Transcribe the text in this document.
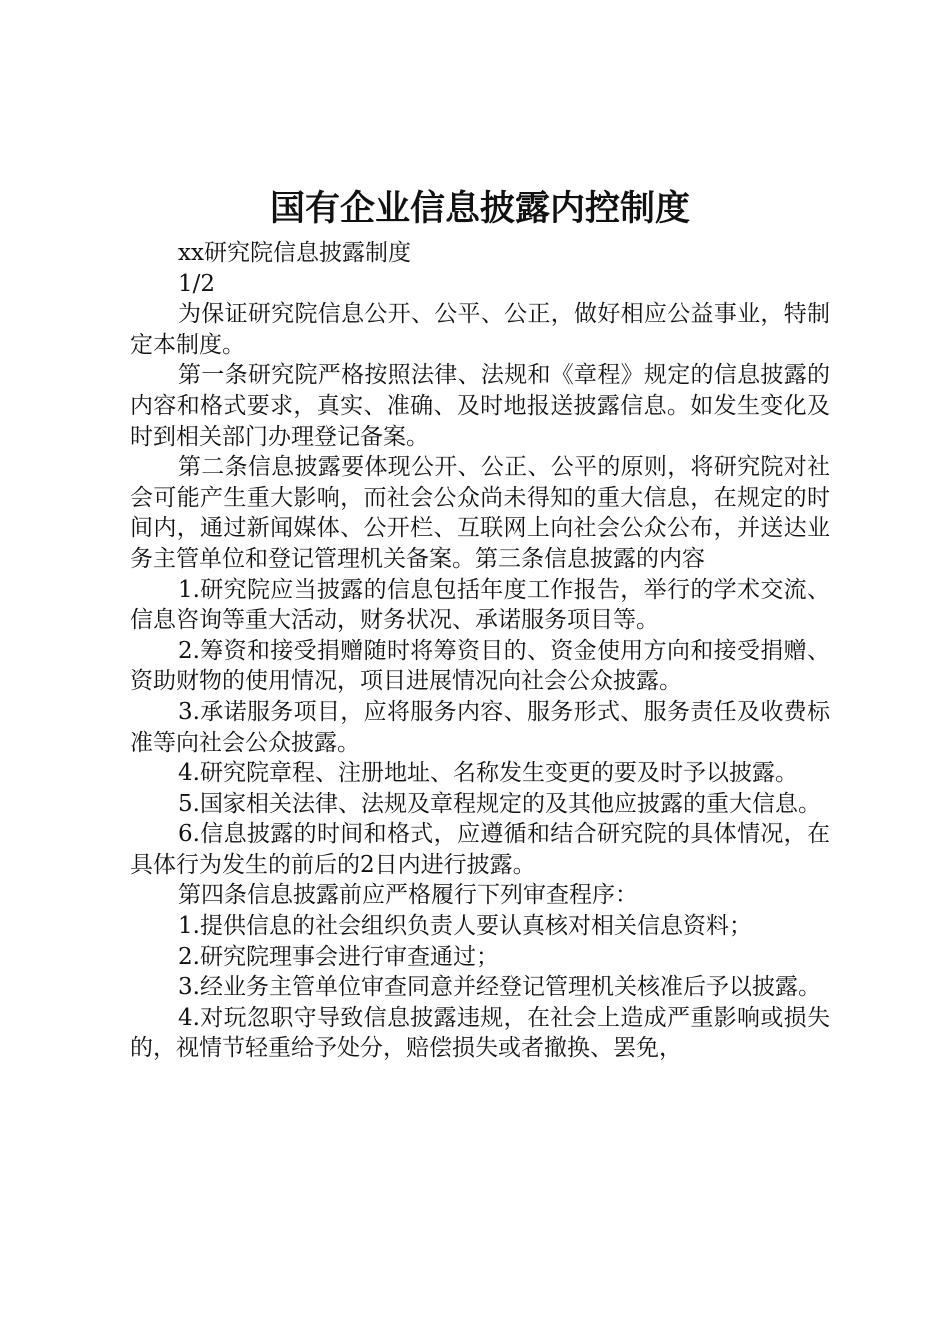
国有企业信息披露内控制度

xx研究院信息披露制度

1/2

为保证研究院信息公开、公平、公正，做好相应公益事业，特制定本制度。

第一条研究院严格按照法律、法规和《章程》规定的信息披露的内容和格式要求，真实、准确、及时地报送披露信息。如发生变化及时到相关部门办理登记备案。

第二条信息披露要体现公开、公正、公平的原则，将研究院对社会可能产生重大影响，而社会公众尚未得知的重大信息，在规定的时间内，通过新闻媒体、公开栏、互联网上向社会公众公布，并送达业务主管单位和登记管理机关备案。第三条信息披露的内容

1.研究院应当披露的信息包括年度工作报告，举行的学术交流、信息咨询等重大活动，财务状况、承诺服务项目等。

2.筹资和接受捐赠随时将筹资目的、资金使用方向和接受捐赠、资助财物的使用情况，项目进展情况向社会公众披露。

3.承诺服务项目，应将服务内容、服务形式、服务责任及收费标准等向社会公众披露。

4.研究院章程、注册地址、名称发生变更的要及时予以披露。

5.国家相关法律、法规及章程规定的及其他应披露的重大信息。

6.信息披露的时间和格式，应遵循和结合研究院的具体情况，在具体行为发生的前后的2日内进行披露。

第四条信息披露前应严格履行下列审查程序：

1.提供信息的社会组织负责人要认真核对相关信息资料；

2.研究院理事会进行审查通过；

3.经业务主管单位审查同意并经登记管理机关核准后予以披露。

4.对玩忽职守导致信息披露违规，在社会上造成严重影响或损失的，视情节轻重给予处分，赔偿损失或者撤换、罢免，
